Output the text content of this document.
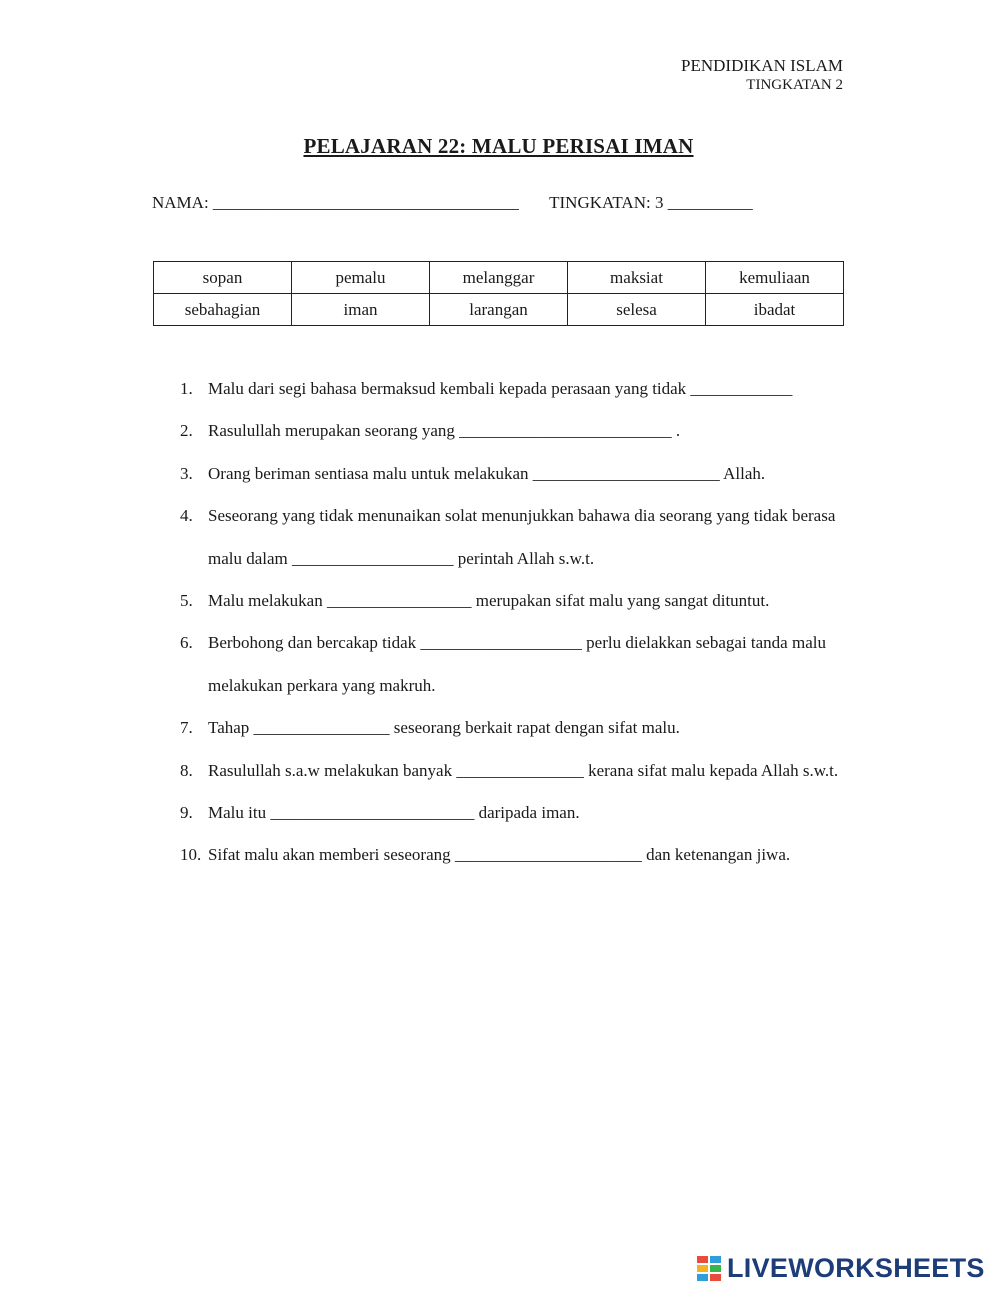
PENDIDIKAN ISLAM
TINGKATAN 2
PELAJARAN 22: MALU PERISAI IMAN
NAMA: ____________________________________ TINGKATAN: 3 __________
sopan	pemalu	melanggar	maksiat	kemuliaan
sebahagian	iman	larangan	selesa	ibadat
1. Malu dari segi bahasa bermaksud kembali kepada perasaan yang tidak ____________
2. Rasulullah merupakan seorang yang _________________________ .
3. Orang beriman sentiasa malu untuk melakukan ______________________ Allah.
4. Seseorang yang tidak menunaikan solat menunjukkan bahawa dia seorang yang tidak berasa malu dalam ___________________ perintah Allah s.w.t.
5. Malu melakukan _________________ merupakan sifat malu yang sangat dituntut.
6. Berbohong dan bercakap tidak ___________________ perlu dielakkan sebagai tanda malu melakukan perkara yang makruh.
7. Tahap ________________ seseorang berkait rapat dengan sifat malu.
8. Rasulullah s.a.w melakukan banyak _______________ kerana sifat malu kepada Allah s.w.t.
9. Malu itu ________________________ daripada iman.
10. Sifat malu akan memberi seseorang ______________________ dan ketenangan jiwa.
LIVEWORKSHEETS
